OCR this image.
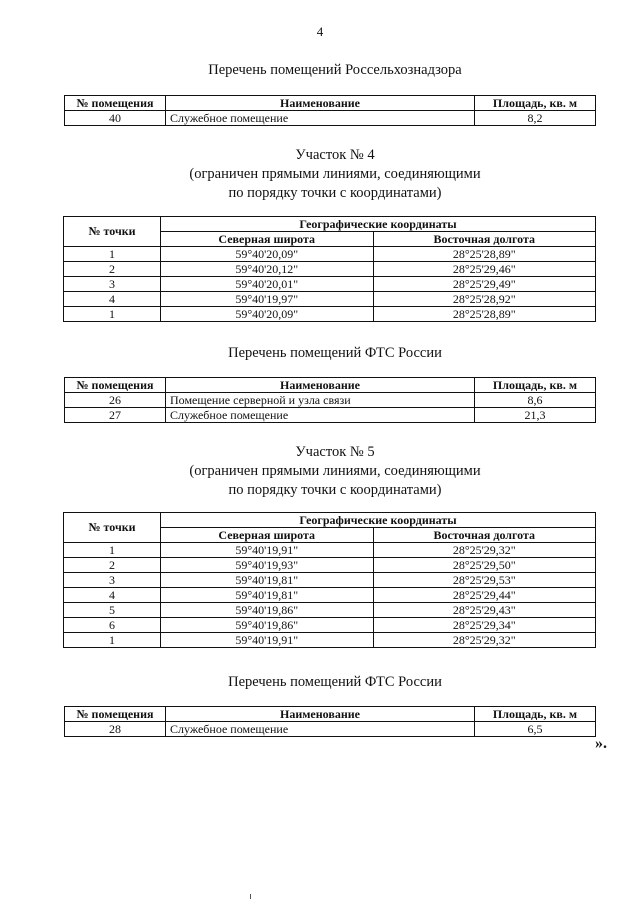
4
Перечень помещений Россельхознадзора
№ помещения	Наименование	Площадь, кв. м
40	Служебное помещение	8,2
Участок № 4
(ограничен прямыми линиями, соединяющими
по порядку точки с координатами)
№ точки	Географические координаты	
	Северная широта	Восточная долгота
1	59°40'20,09"	28°25'28,89"
2	59°40'20,12"	28°25'29,46"
3	59°40'20,01"	28°25'29,49"
4	59°40'19,97"	28°25'28,92"
1	59°40'20,09"	28°25'28,89"
Перечень помещений ФТС России
№ помещения	Наименование	Площадь, кв. м
26	Помещение серверной и узла связи	8,6
27	Служебное помещение	21,3
Участок № 5
(ограничен прямыми линиями, соединяющими
по порядку точки с координатами)
№ точки	Географические координаты	
	Северная широта	Восточная долгота
1	59°40'19,91"	28°25'29,32"
2	59°40'19,93"	28°25'29,50"
3	59°40'19,81"	28°25'29,53"
4	59°40'19,81"	28°25'29,44"
5	59°40'19,86"	28°25'29,43"
6	59°40'19,86"	28°25'29,34"
1	59°40'19,91"	28°25'29,32"
Перечень помещений ФТС России
№ помещения	Наименование	Площадь, кв. м
28	Служебное помещение	6,5
».
